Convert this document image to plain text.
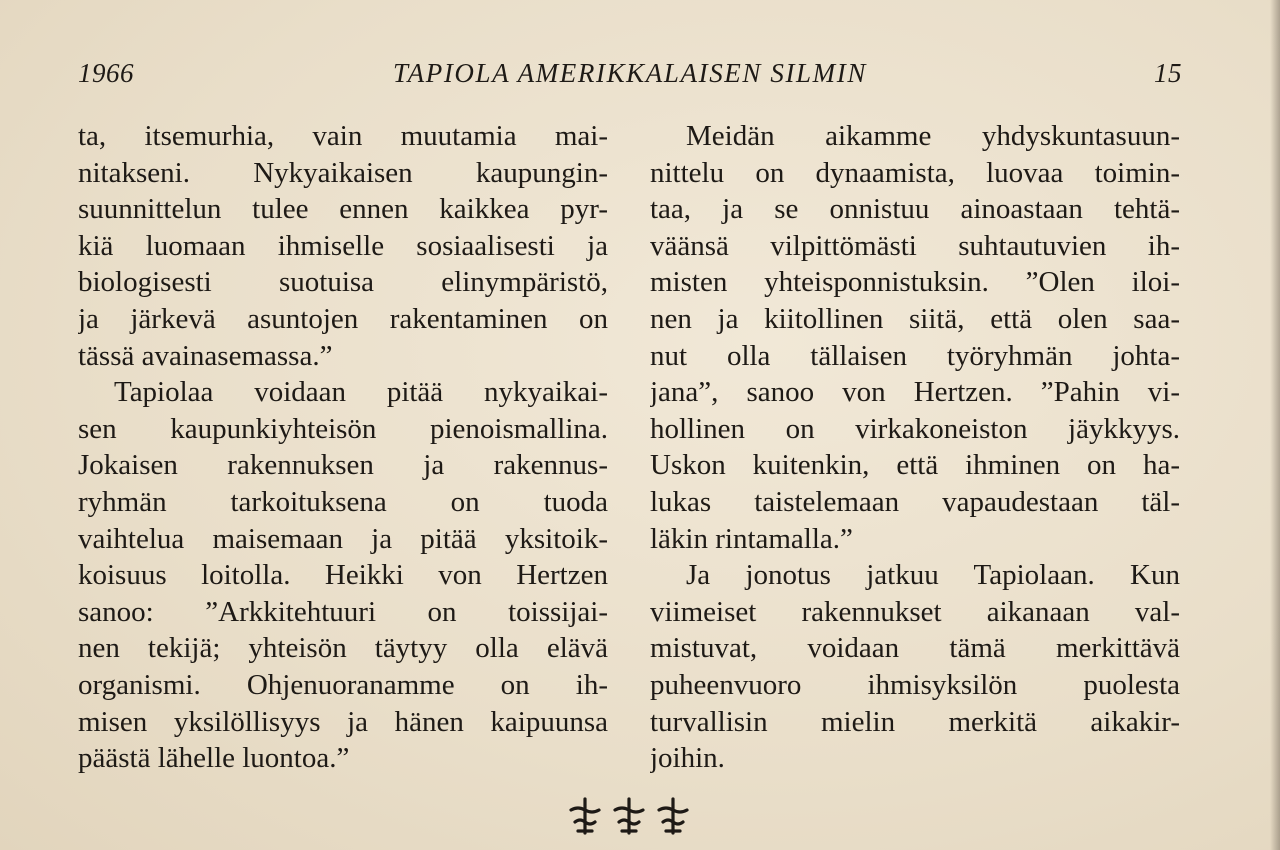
1966	TAPIOLA AMERIKKALAISEN SILMIN	15
ta, itsemurhia, vain muutamia mai-
nitakseni. Nykyaikaisen kaupungin-
suunnittelun tulee ennen kaikkea pyr-
kiä luomaan ihmiselle sosiaalisesti ja
biologisesti suotuisa elinympäristö,
ja järkevä asuntojen rakentaminen on
tässä avainasemassa.”
Tapiolaa voidaan pitää nykyaikai-
sen kaupunkiyhteisön pienoismallina.
Jokaisen rakennuksen ja rakennus-
ryhmän tarkoituksena on tuoda
vaihtelua maisemaan ja pitää yksitoik-
koisuus loitolla. Heikki von Hertzen
sanoo: ”Arkkitehtuuri on toissijai-
nen tekijä; yhteisön täytyy olla elävä
organismi. Ohjenuoranamme on ih-
misen yksilöllisyys ja hänen kaipuunsa
päästä lähelle luontoa.”
Meidän aikamme yhdyskuntasuun-
nittelu on dynaamista, luovaa toimin-
taa, ja se onnistuu ainoastaan tehtä-
väänsä vilpittömästi suhtautuvien ih-
misten yhteisponnistuksin. ”Olen iloi-
nen ja kiitollinen siitä, että olen saa-
nut olla tällaisen työryhmän johta-
jana”, sanoo von Hertzen. ”Pahin vi-
hollinen on virkakoneiston jäykkyys.
Uskon kuitenkin, että ihminen on ha-
lukas taistelemaan vapaudestaan täl-
läkin rintamalla.”
Ja jonotus jatkuu Tapiolaan. Kun
viimeiset rakennukset aikanaan val-
mistuvat, voidaan tämä merkittävä
puheenvuoro ihmisyksilön puolesta
turvallisin mielin merkitä aikakir-
joihin.
